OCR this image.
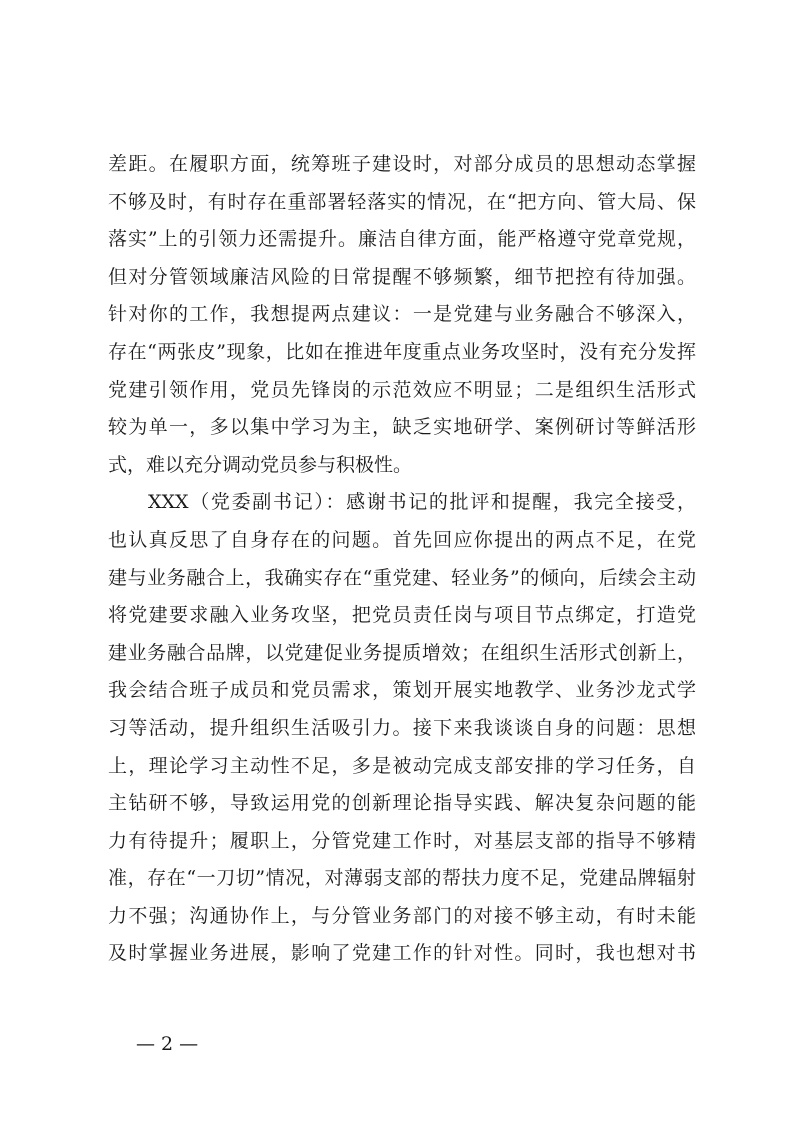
差距。在履职方面，统筹班子建设时，对部分成员的思想动态掌握
不够及时，有时存在重部署轻落实的情况，在“把方向、管大局、保
落实”上的引领力还需提升。廉洁自律方面，能严格遵守党章党规，
但对分管领域廉洁风险的日常提醒不够频繁，细节把控有待加强。
针对你的工作，我想提两点建议：一是党建与业务融合不够深入，
存在“两张皮”现象，比如在推进年度重点业务攻坚时，没有充分发挥
党建引领作用，党员先锋岗的示范效应不明显；二是组织生活形式
较为单一，多以集中学习为主，缺乏实地研学、案例研讨等鲜活形
式，难以充分调动党员参与积极性。
XXX（党委副书记）：感谢书记的批评和提醒，我完全接受，
也认真反思了自身存在的问题。首先回应你提出的两点不足，在党
建与业务融合上，我确实存在“重党建、轻业务”的倾向，后续会主动
将党建要求融入业务攻坚，把党员责任岗与项目节点绑定，打造党
建业务融合品牌，以党建促业务提质增效；在组织生活形式创新上，
我会结合班子成员和党员需求，策划开展实地教学、业务沙龙式学
习等活动，提升组织生活吸引力。接下来我谈谈自身的问题：思想
上，理论学习主动性不足，多是被动完成支部安排的学习任务，自
主钻研不够，导致运用党的创新理论指导实践、解决复杂问题的能
力有待提升；履职上，分管党建工作时，对基层支部的指导不够精
准，存在“一刀切”情况，对薄弱支部的帮扶力度不足，党建品牌辐射
力不强；沟通协作上，与分管业务部门的对接不够主动，有时未能
及时掌握业务进展，影响了党建工作的针对性。同时，我也想对书
— 2 —
